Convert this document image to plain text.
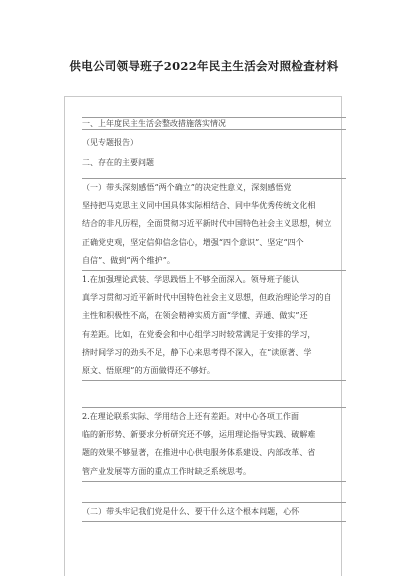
供电公司领导班子2022年民主生活会对照检查材料
一、上年度民主生活会整改措施落实情况
（见专题报告）
二、存在的主要问题
（一）带头深刻感悟“两个确立”的决定性意义，深刻感悟党
坚持把马克思主义同中国具体实际相结合、同中华优秀传统文化相
结合的非凡历程，全面贯彻习近平新时代中国特色社会主义思想，树立
正确党史观，坚定信仰信念信心，增强“四个意识”、坚定“四个
自信”、做到“两个维护”。
1.在加强理论武装、学思践悟上不够全面深入。领导班子能认
真学习贯彻习近平新时代中国特色社会主义思想，但政治理论学习的自
主性和积极性不高，在领会精神实质方面“学懂、弄通、做实”还
有差距。比如，在党委会和中心组学习时较常满足于安排的学习，
挤时间学习的劲头不足，静下心来思考得不深入，在“读原著、学
原文、悟原理”的方面做得还不够好。
2.在理论联系实际、学用结合上还有差距。对中心各项工作面
临的新形势、新要求分析研究还不够，运用理论指导实践、破解难
题的效果不够显著，在推进中心供电服务体系建设、内部改革、省
管产业发展等方面的重点工作时缺乏系统思考。
（二）带头牢记我们党是什么、要干什么这个根本问题，心怀
